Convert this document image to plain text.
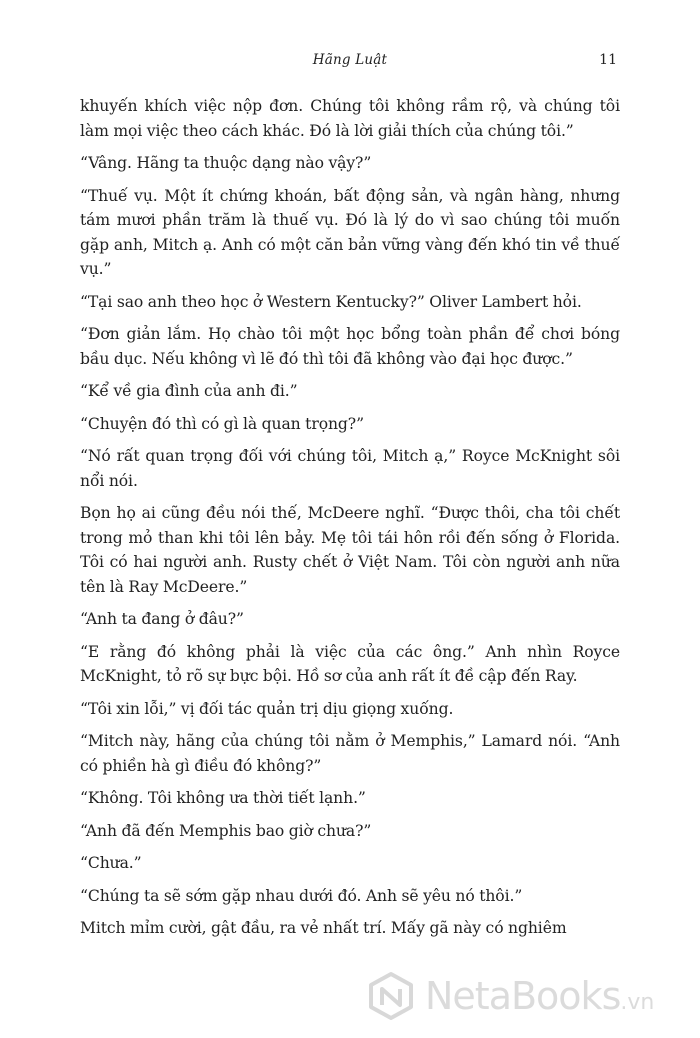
Hãng Luật	11

khuyến khích việc nộp đơn. Chúng tôi không rầm rộ, và chúng tôi làm mọi việc theo cách khác. Đó là lời giải thích của chúng tôi.”

“Vâng. Hãng ta thuộc dạng nào vậy?”

“Thuế vụ. Một ít chứng khoán, bất động sản, và ngân hàng, nhưng tám mươi phần trăm là thuế vụ. Đó là lý do vì sao chúng tôi muốn gặp anh, Mitch ạ. Anh có một căn bản vững vàng đến khó tin về thuế vụ.”

“Tại sao anh theo học ở Western Kentucky?” Oliver Lambert hỏi.

“Đơn giản lắm. Họ chào tôi một học bổng toàn phần để chơi bóng bầu dục. Nếu không vì lẽ đó thì tôi đã không vào đại học được.”

“Kể về gia đình của anh đi.”

“Chuyện đó thì có gì là quan trọng?”

“Nó rất quan trọng đối với chúng tôi, Mitch ạ,” Royce McKnight sôi nổi nói.

Bọn họ ai cũng đều nói thế, McDeere nghĩ. “Được thôi, cha tôi chết trong mỏ than khi tôi lên bảy. Mẹ tôi tái hôn rồi đến sống ở Florida. Tôi có hai người anh. Rusty chết ở Việt Nam. Tôi còn người anh nữa tên là Ray McDeere.”

“Anh ta đang ở đâu?”

“E rằng đó không phải là việc của các ông.” Anh nhìn Royce McKnight, tỏ rõ sự bực bội. Hồ sơ của anh rất ít đề cập đến Ray.

“Tôi xin lỗi,” vị đối tác quản trị dịu giọng xuống.

“Mitch này, hãng của chúng tôi nằm ở Memphis,” Lamard nói. “Anh có phiền hà gì điều đó không?”

“Không. Tôi không ưa thời tiết lạnh.”

“Anh đã đến Memphis bao giờ chưa?”

“Chưa.”

“Chúng ta sẽ sớm gặp nhau dưới đó. Anh sẽ yêu nó thôi.”

Mitch mỉm cười, gật đầu, ra vẻ nhất trí. Mấy gã này có nghiêm

NetaBooks.vn
